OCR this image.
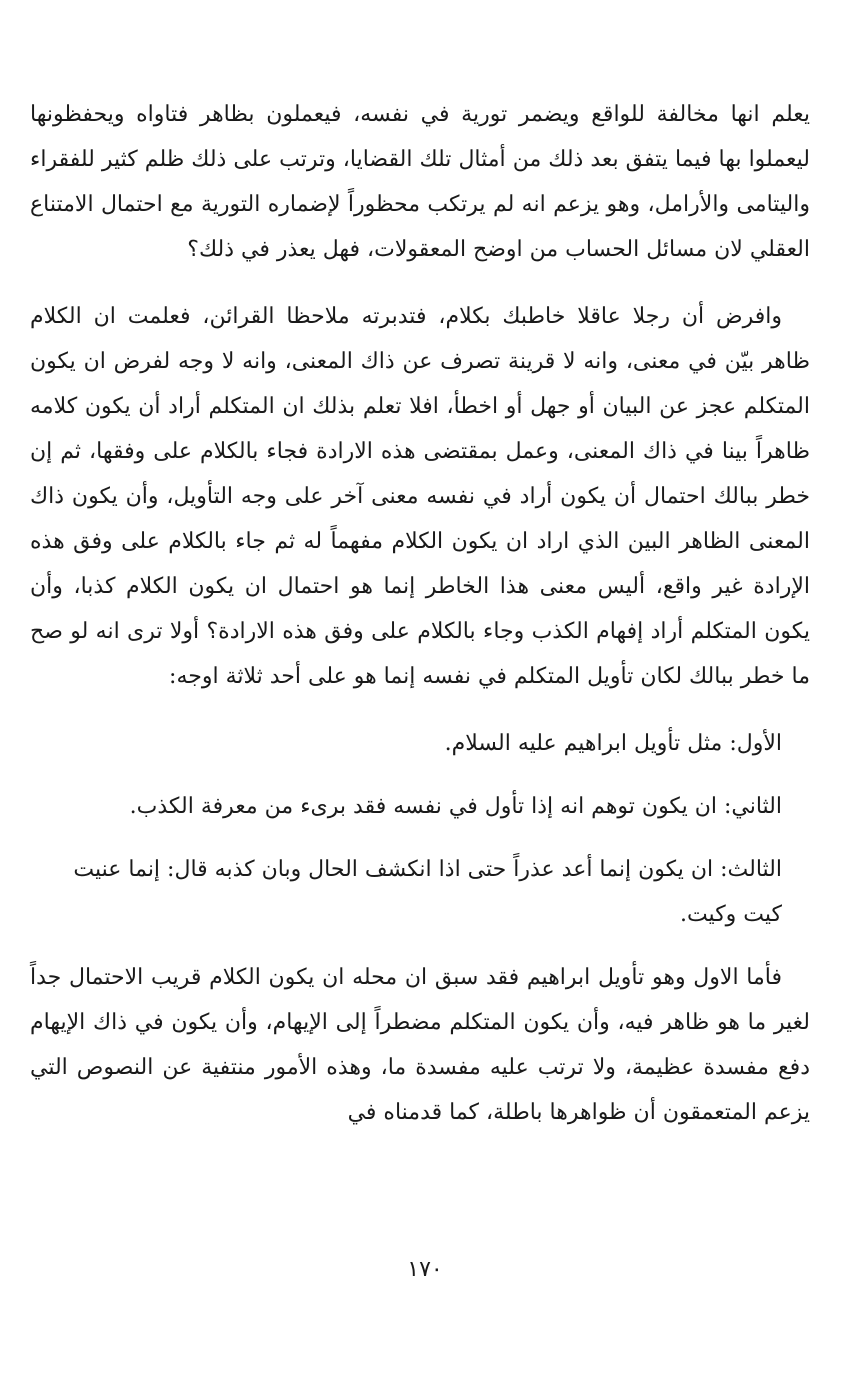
يعلم انها مخالفة للواقع ويضمر تورية في نفسه، فيعملون بظاهر فتاواه ويحفظونها ليعملوا بها فيما يتفق بعد ذلك من أمثال تلك القضايا، وترتب على ذلك ظلم كثير للفقراء واليتامى والأرامل، وهو يزعم انه لم يرتكب محظوراً لإضماره التورية مع احتمال الامتناع العقلي لان مسائل الحساب من اوضح المعقولات، فهل يعذر في ذلك؟

وافرض أن رجلا عاقلا خاطبك بكلام، فتدبرته ملاحظا القرائن، فعلمت ان الكلام ظاهر بيّن في معنى، وانه لا قرينة تصرف عن ذاك المعنى، وانه لا وجه لفرض ان يكون المتكلم عجز عن البيان أو جهل أو اخطأ، افلا تعلم بذلك ان المتكلم أراد أن يكون كلامه ظاهراً بينا في ذاك المعنى، وعمل بمقتضى هذه الارادة فجاء بالكلام على وفقها، ثم إن خطر ببالك احتمال أن يكون أراد في نفسه معنى آخر على وجه التأويل، وأن يكون ذاك المعنى الظاهر البين الذي اراد ان يكون الكلام مفهماً له ثم جاء بالكلام على وفق هذه الإرادة غير واقع، أليس معنى هذا الخاطر إنما هو احتمال ان يكون الكلام كذبا، وأن يكون المتكلم أراد إفهام الكذب وجاء بالكلام على وفق هذه الارادة؟ أولا ترى انه لو صح ما خطر ببالك لكان تأويل المتكلم في نفسه إنما هو على أحد ثلاثة اوجه:

الأول: مثل تأويل ابراهيم عليه السلام.

الثاني: ان يكون توهم انه إذا تأول في نفسه فقد برىء من معرفة الكذب.

الثالث: ان يكون إنما أعد عذراً حتى اذا انكشف الحال وبان كذبه قال: إنما عنيت كيت وكيت.

فأما الاول وهو تأويل ابراهيم فقد سبق ان محله ان يكون الكلام قريب الاحتمال جداً لغير ما هو ظاهر فيه، وأن يكون المتكلم مضطراً إلى الإيهام، وأن يكون في ذاك الإيهام دفع مفسدة عظيمة، ولا ترتب عليه مفسدة ما، وهذه الأمور منتفية عن النصوص التي يزعم المتعمقون أن ظواهرها باطلة، كما قدمناه في

١٧٠
